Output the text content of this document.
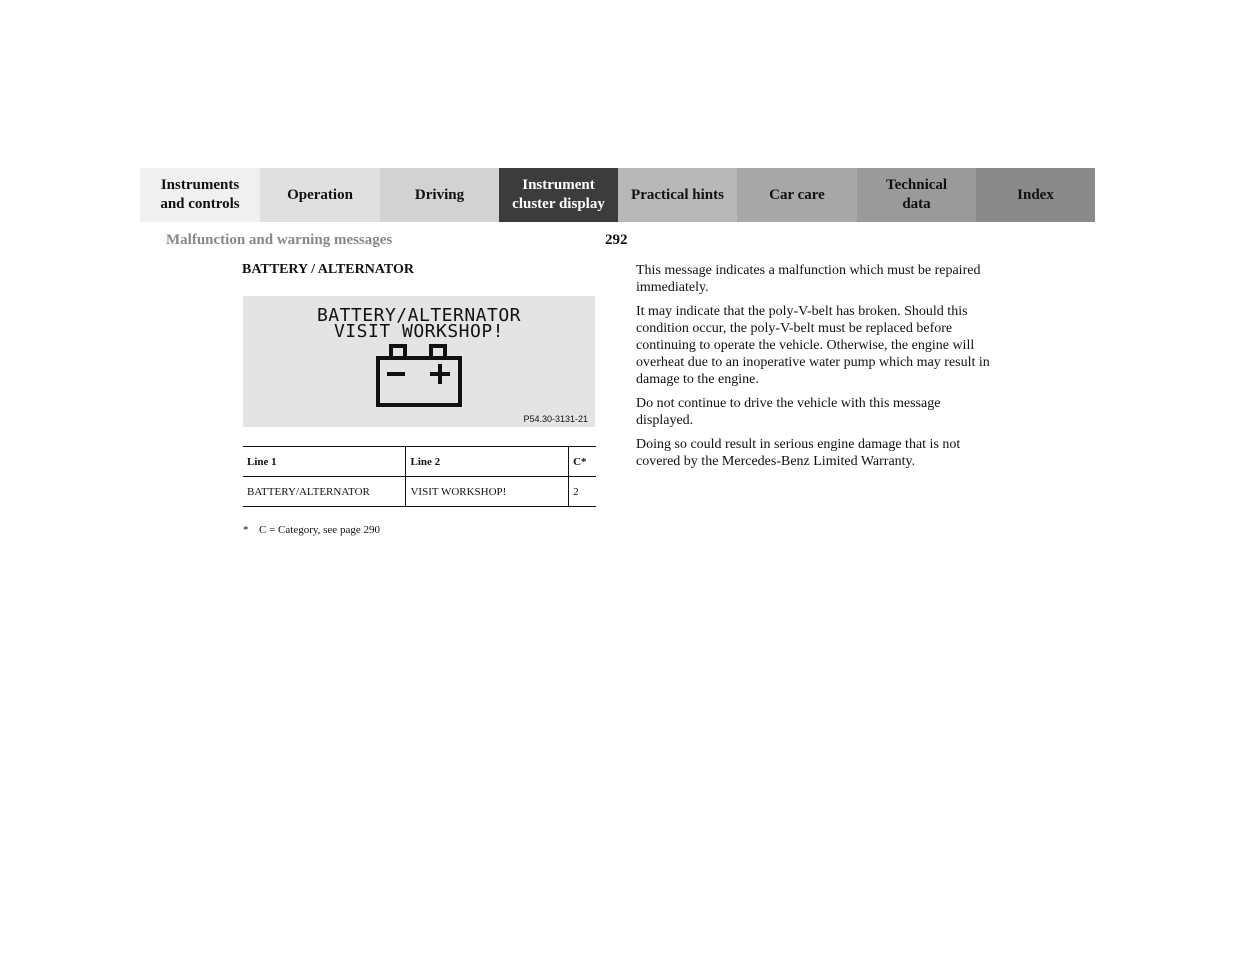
Instruments
and controls
Operation	Driving
Instrument
cluster display
Practical hints	Car care
Technical
data
Index
Malfunction and warning messages	292
BATTERY / ALTERNATOR
BATTERY/ALTERNATOR
VISIT WORKSHOP!
P54.30-3131-21
Line 1	Line 2	C*
BATTERY/ALTERNATOR	VISIT WORKSHOP!	2
* C = Category, see page 290

This message indicates a malfunction which must be repaired immediately.

It may indicate that the poly-V-belt has broken. Should this condition occur, the poly-V-belt must be replaced before continuing to operate the vehicle. Otherwise, the engine will overheat due to an inoperative water pump which may result in damage to the engine.

Do not continue to drive the vehicle with this message displayed.

Doing so could result in serious engine damage that is not covered by the Mercedes-Benz Limited Warranty.
